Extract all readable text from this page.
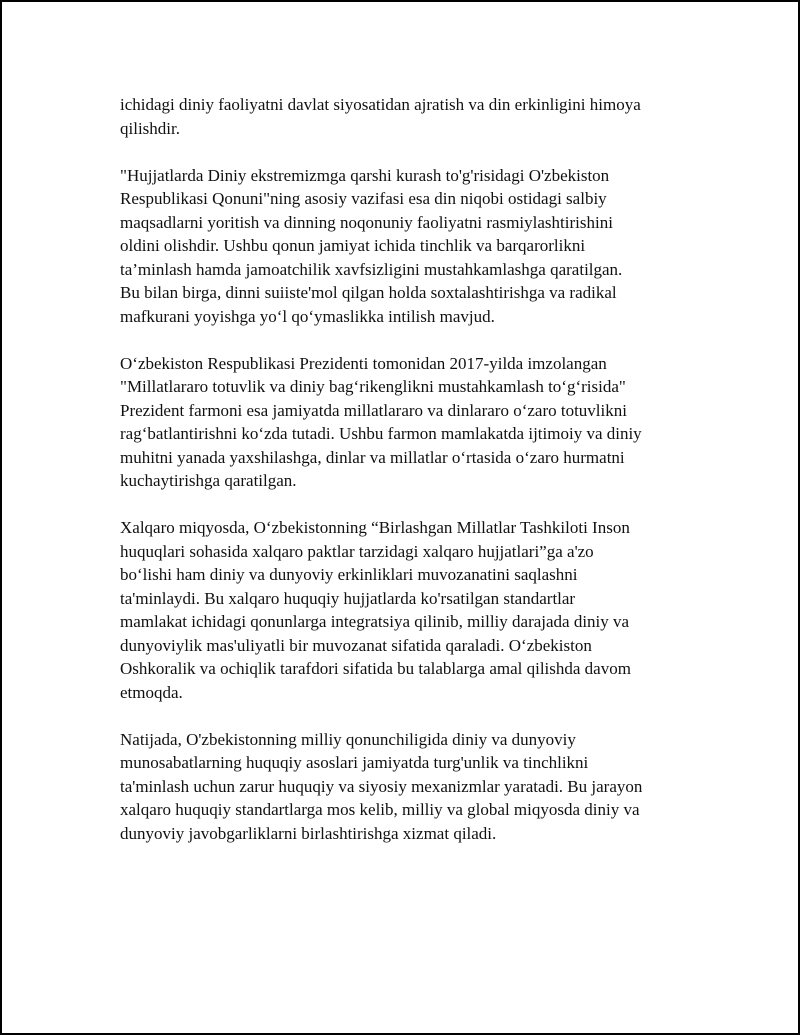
ichidagi diniy faoliyatni davlat siyosatidan ajratish va din erkinligini himoya
qilishdir.

"Hujjatlarda Diniy ekstremizmga qarshi kurash to'g'risidagi O'zbekiston
Respublikasi Qonuni"ning asosiy vazifasi esa din niqobi ostidagi salbiy
maqsadlarni yoritish va dinning noqonuniy faoliyatni rasmiylashtirishini
oldini olishdir. Ushbu qonun jamiyat ichida tinchlik va barqarorlikni
ta’minlash hamda jamoatchilik xavfsizligini mustahkamlashga qaratilgan.
Bu bilan birga, dinni suiiste'mol qilgan holda soxtalashtirishga va radikal
mafkurani yoyishga yo‘l qo‘ymaslikka intilish mavjud.

O‘zbekiston Respublikasi Prezidenti tomonidan 2017-yilda imzolangan
"Millatlararo totuvlik va diniy bag‘rikenglikni mustahkamlash to‘g‘risida"
Prezident farmoni esa jamiyatda millatlararo va dinlararo o‘zaro totuvlikni
rag‘batlantirishni ko‘zda tutadi. Ushbu farmon mamlakatda ijtimoiy va diniy
muhitni yanada yaxshilashga, dinlar va millatlar o‘rtasida o‘zaro hurmatni
kuchaytirishga qaratilgan.

Xalqaro miqyosda, O‘zbekistonning “Birlashgan Millatlar Tashkiloti Inson
huquqlari sohasida xalqaro paktlar tarzidagi xalqaro hujjatlari”ga a'zo
bo‘lishi ham diniy va dunyoviy erkinliklari muvozanatini saqlashni
ta'minlaydi. Bu xalqaro huquqiy hujjatlarda ko'rsatilgan standartlar
mamlakat ichidagi qonunlarga integratsiya qilinib, milliy darajada diniy va
dunyoviylik mas'uliyatli bir muvozanat sifatida qaraladi. O‘zbekiston
Oshkoralik va ochiqlik tarafdori sifatida bu talablarga amal qilishda davom
etmoqda.

Natijada, O'zbekistonning milliy qonunchiligida diniy va dunyoviy
munosabatlarning huquqiy asoslari jamiyatda turg'unlik va tinchlikni
ta'minlash uchun zarur huquqiy va siyosiy mexanizmlar yaratadi. Bu jarayon
xalqaro huquqiy standartlarga mos kelib, milliy va global miqyosda diniy va
dunyoviy javobgarliklarni birlashtirishga xizmat qiladi.
